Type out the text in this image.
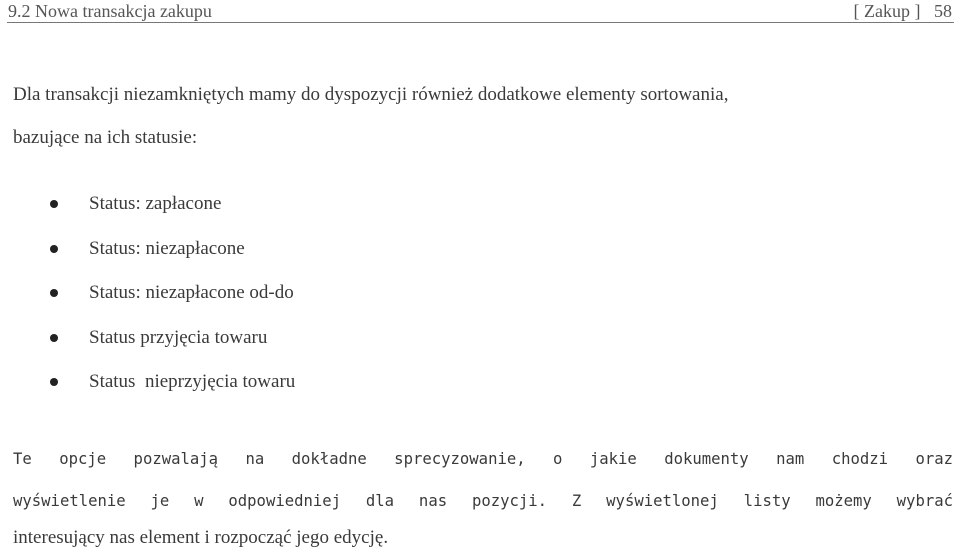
9.2 Nowa transakcja zakupu	[ Zakup ]   58

Dla transakcji niezamkniętych mamy do dyspozycji również dodatkowe elementy sortowania,
bazujące na ich statusie:

Status: zapłacone

Status: niezapłacone

Status: niezapłacone od-do

Status przyjęcia towaru

Status  nieprzyjęcia towaru

Te opcje pozwalają na dokładne sprecyzowanie, o jakie dokumenty nam chodzi oraz
wyświetlenie je w odpowiedniej dla nas pozycji. Z wyświetlonej listy możemy wybrać

interesujący nas element i rozpocząć jego edycję.
